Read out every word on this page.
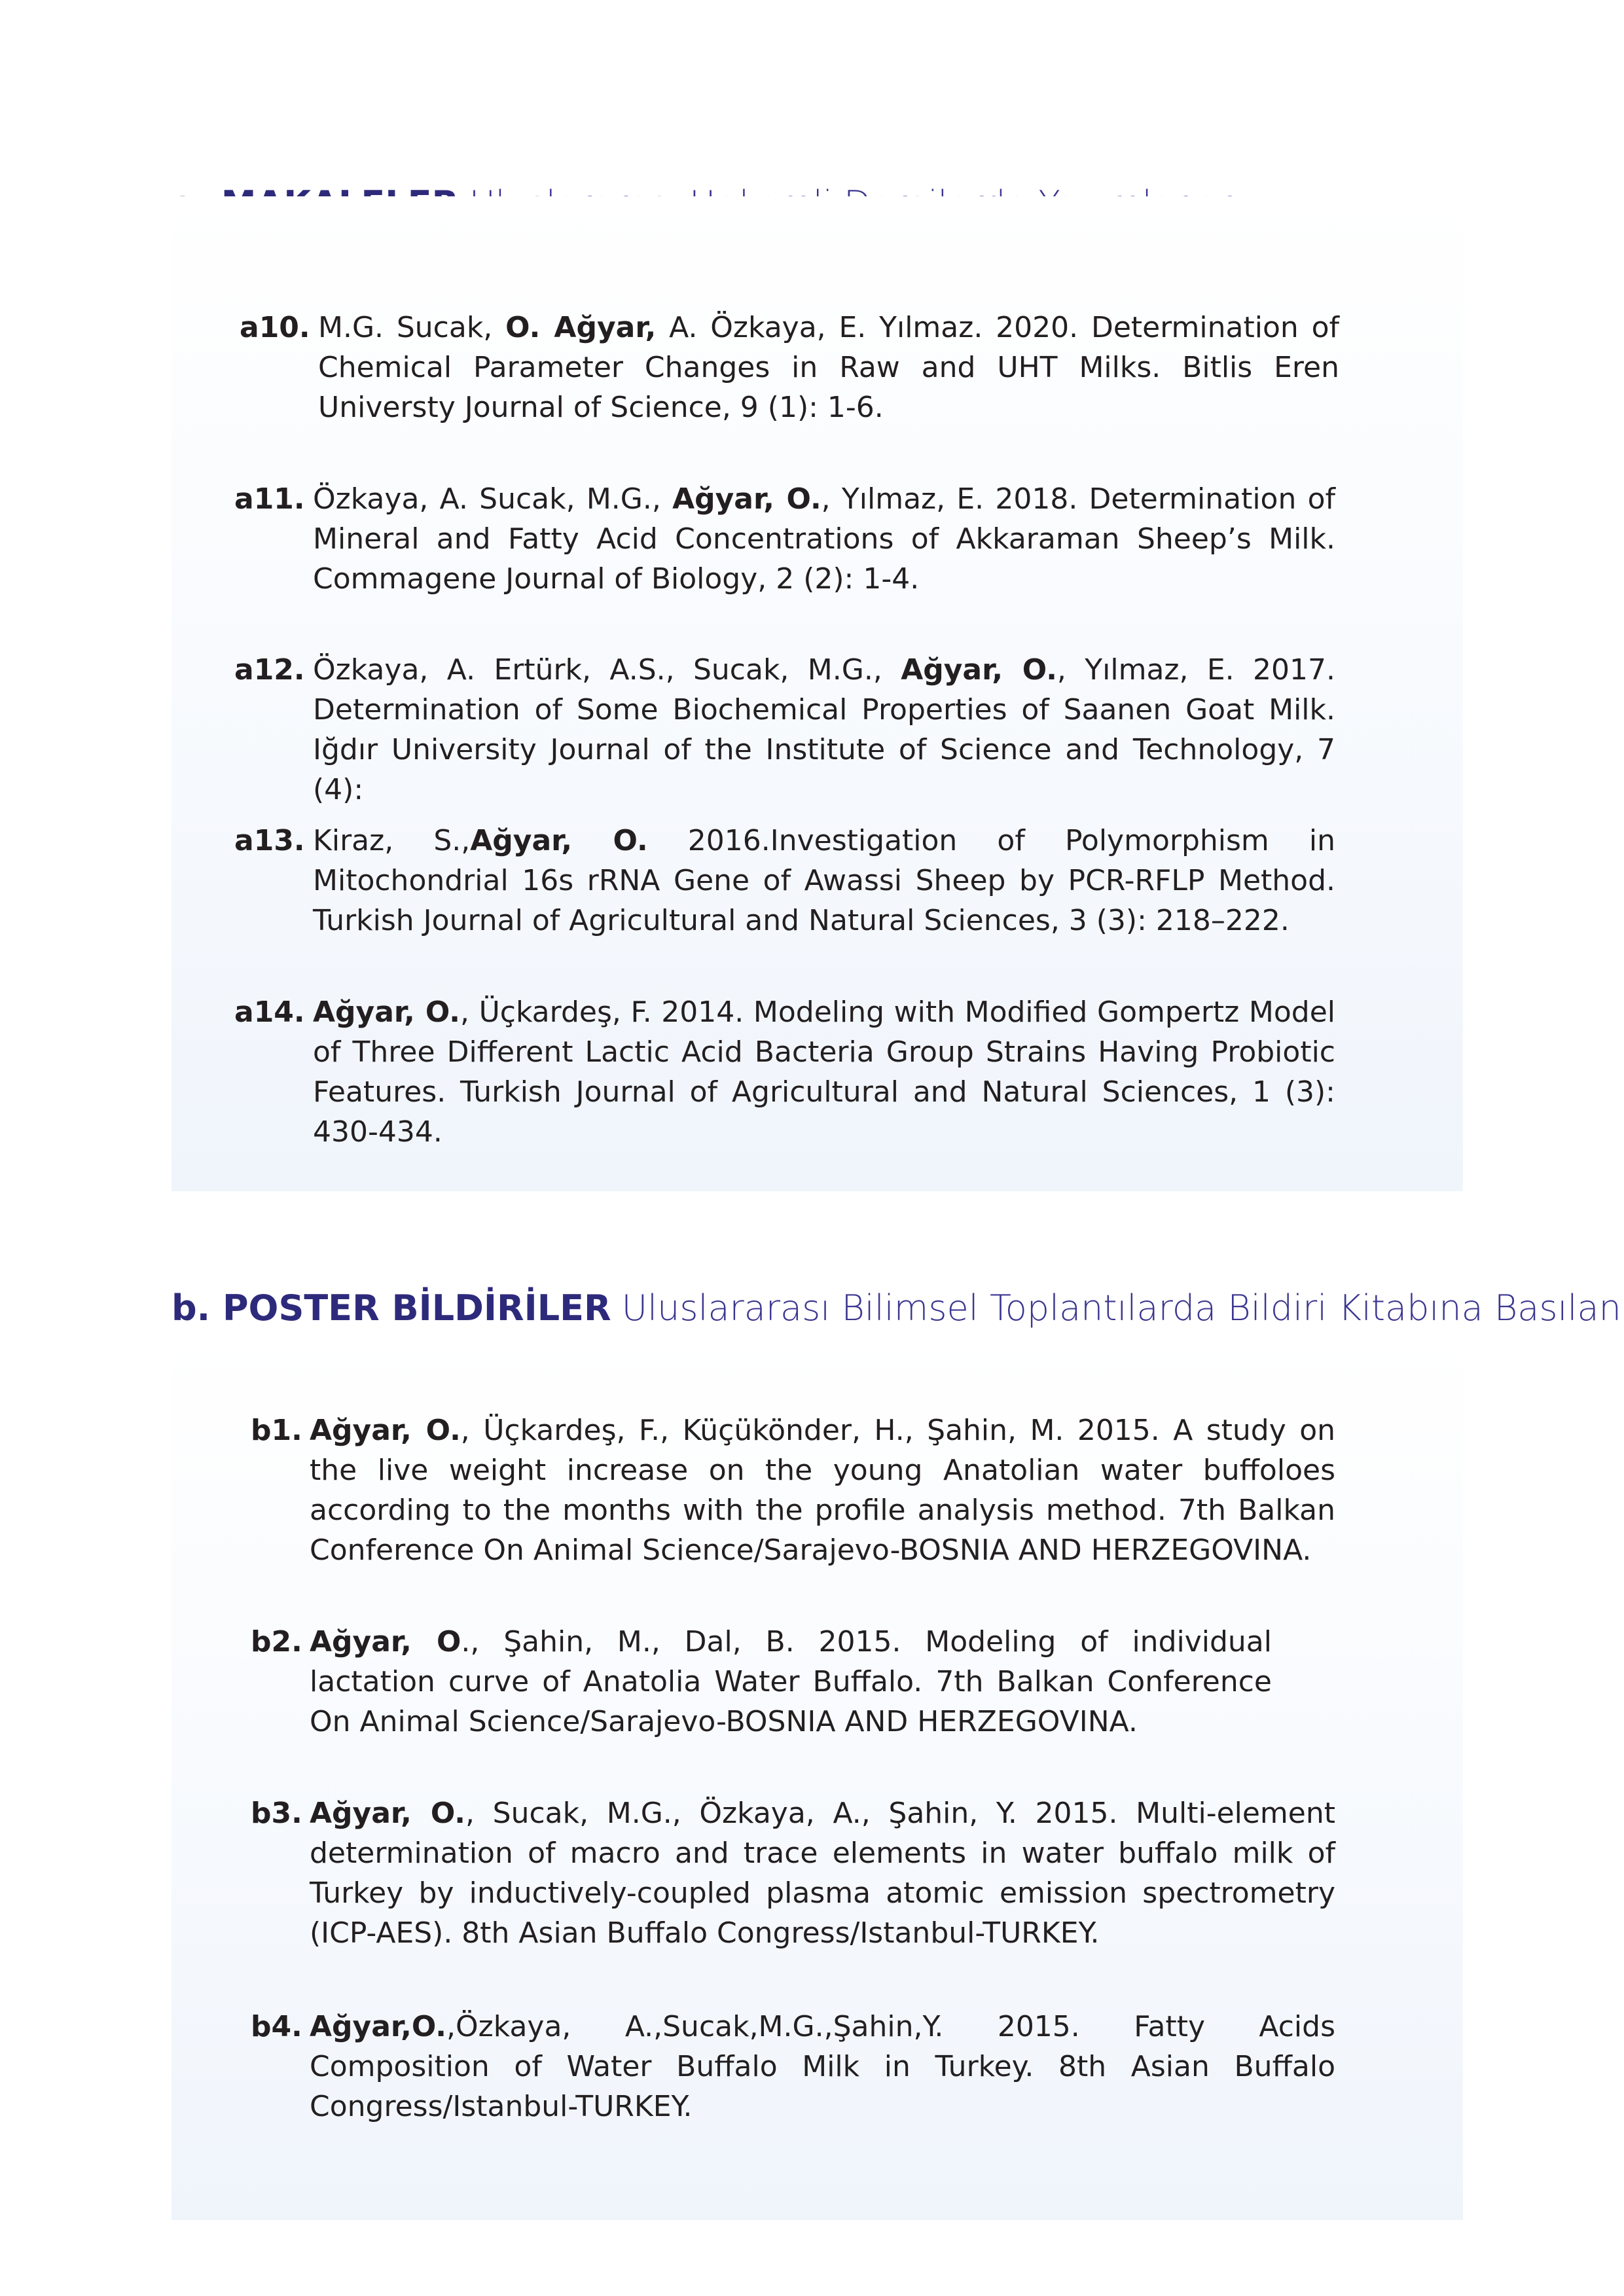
a10. M.G. Sucak, O. Ağyar, A. Özkaya, E. Yılmaz. 2020. Determination of Chemical Parameter Changes in Raw and UHT Milks. Bitlis Eren Universty Journal of Science, 9 (1): 1-6.
a11. Özkaya, A. Sucak, M.G., Ağyar, O., Yılmaz, E. 2018. Determination of Mineral and Fatty Acid Concentrations of Akkaraman Sheep’s Milk. Commagene Journal of Biology, 2 (2): 1-4.
a12. Özkaya, A. Ertürk, A.S., Sucak, M.G., Ağyar, O., Yılmaz, E. 2017. Determination of Some Biochemical Properties of Saanen Goat Milk. Iğdır University Journal of the Institute of Science and Technology, 7 (4):
a13. Kiraz, S.,Ağyar, O. 2016.Investigation of Polymorphism in Mitochondrial 16s rRNA Gene of Awassi Sheep by PCR-RFLP Method. Turkish Journal of Agricultural and Natural Sciences, 3 (3): 218–222.
a14. Ağyar, O., Üçkardeş, F. 2014. Modeling with Modified Gompertz Model of Three Different Lactic Acid Bacteria Group Strains Having Probiotic Features. Turkish Journal of Agricultural and Natural Sciences, 1 (3): 430-434.
b. POSTER BİLDİRİLER Uluslararası Bilimsel Toplantılarda Bildiri Kitabına Basılan
b1. Ağyar, O., Üçkardeş, F., Küçükönder, H., Şahin, M. 2015. A study on the live weight increase on the young Anatolian water buffoloes according to the months with the profile analysis method. 7th Balkan Conference On Animal Science/Sarajevo-BOSNIA AND HERZEGOVINA.
b2. Ağyar, O., Şahin, M., Dal, B. 2015. Modeling of individual lactation curve of Anatolia Water Buffalo. 7th Balkan Conference On Animal Science/Sarajevo-BOSNIA AND HERZEGOVINA.
b3. Ağyar, O., Sucak, M.G., Özkaya, A., Şahin, Y. 2015. Multi-element determination of macro and trace elements in water buffalo milk of Turkey by inductively-coupled plasma atomic emission spectrometry (ICP-AES). 8th Asian Buffalo Congress/Istanbul-TURKEY.
b4. Ağyar,O.,Özkaya, A.,Sucak,M.G.,Şahin,Y. 2015. Fatty Acids Composition of Water Buffalo Milk in Turkey. 8th Asian Buffalo Congress/Istanbul-TURKEY.
